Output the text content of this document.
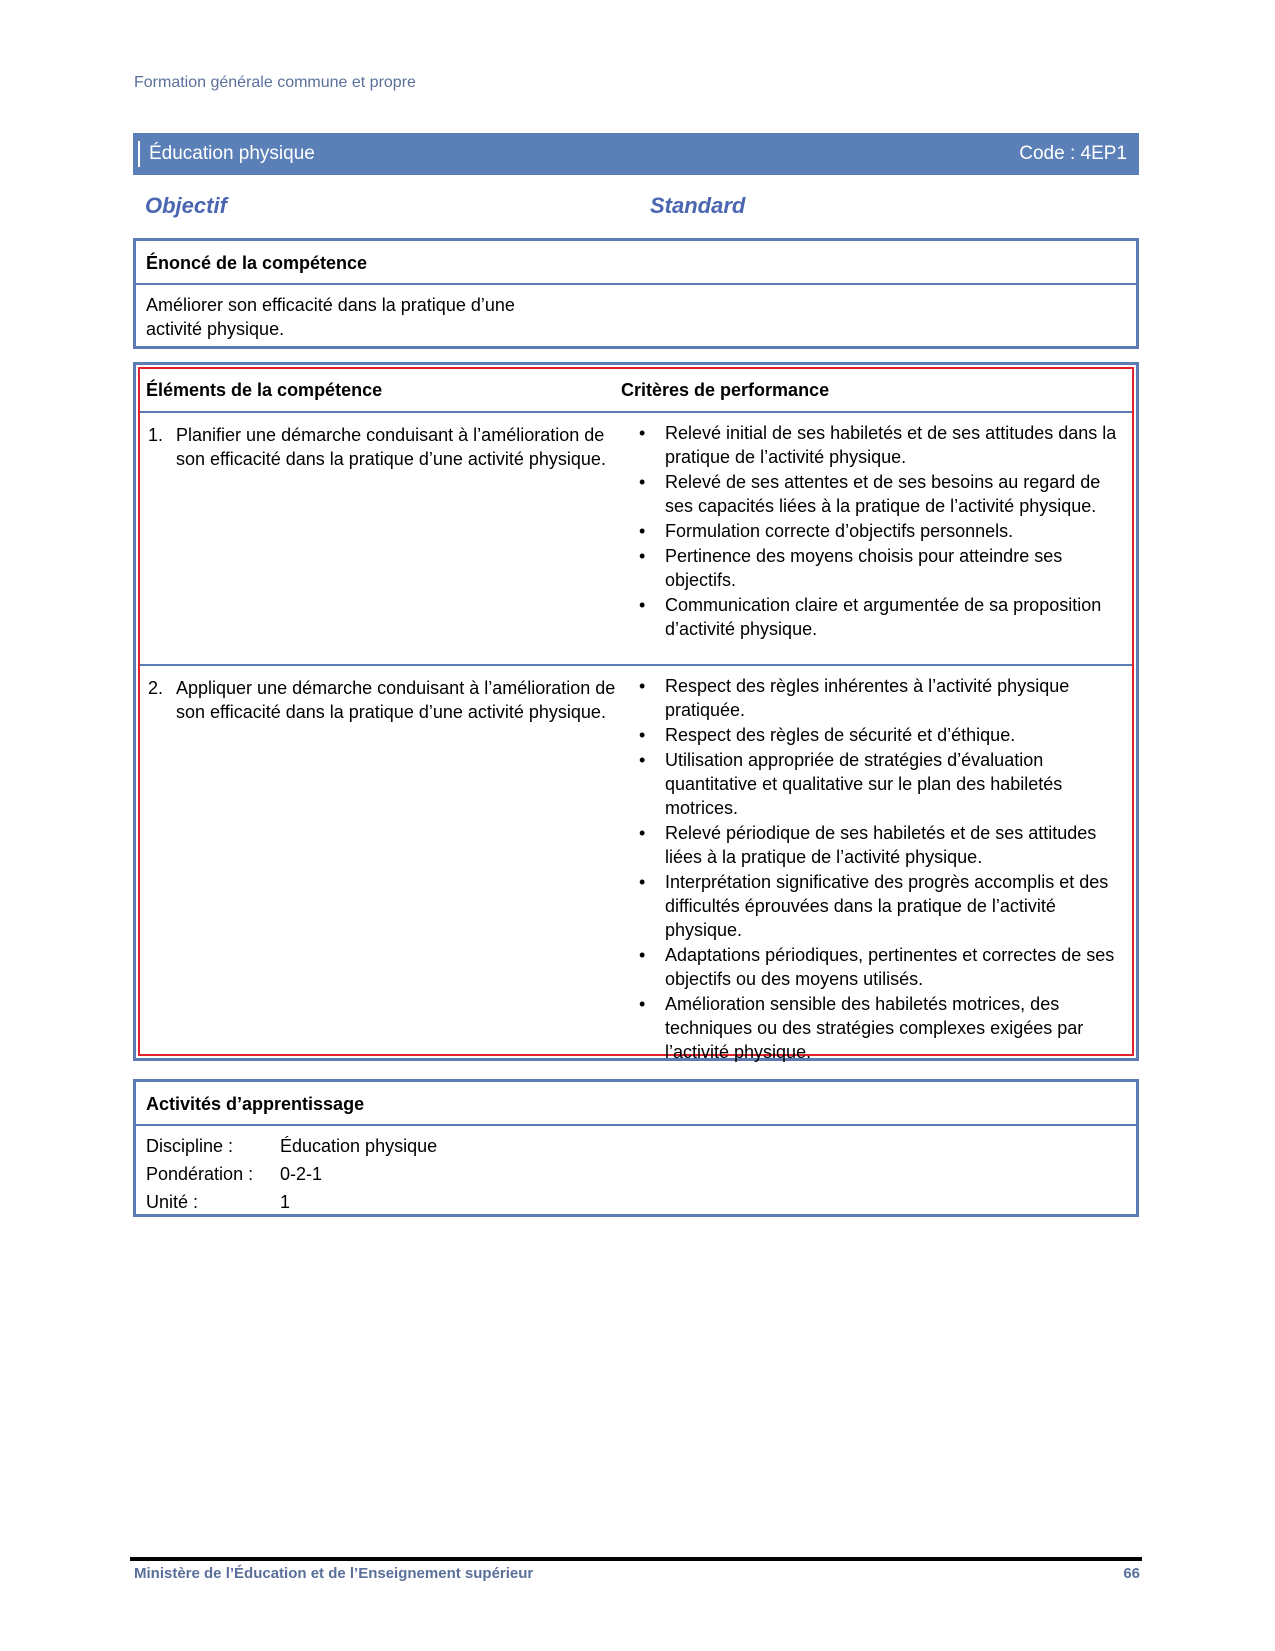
Formation générale commune et propre
Éducation physique	Code : 4EP1
Objectif	Standard
Énoncé de la compétence
Améliorer son efficacité dans la pratique d’une
activité physique.
Éléments de la compétence	Critères de performance
1. Planifier une démarche conduisant à l’amélioration de son efficacité dans la pratique d’une activité physique.
• Relevé initial de ses habiletés et de ses attitudes dans la pratique de l’activité physique.
• Relevé de ses attentes et de ses besoins au regard de ses capacités liées à la pratique de l’activité physique.
• Formulation correcte d’objectifs personnels.
• Pertinence des moyens choisis pour atteindre ses objectifs.
• Communication claire et argumentée de sa proposition d’activité physique.
2. Appliquer une démarche conduisant à l’amélioration de son efficacité dans la pratique d’une activité physique.
• Respect des règles inhérentes à l’activité physique pratiquée.
• Respect des règles de sécurité et d’éthique.
• Utilisation appropriée de stratégies d’évaluation quantitative et qualitative sur le plan des habiletés motrices.
• Relevé périodique de ses habiletés et de ses attitudes liées à la pratique de l’activité physique.
• Interprétation significative des progrès accomplis et des difficultés éprouvées dans la pratique de l’activité physique.
• Adaptations périodiques, pertinentes et correctes de ses objectifs ou des moyens utilisés.
• Amélioration sensible des habiletés motrices, des techniques ou des stratégies complexes exigées par l’activité physique.
Activités d’apprentissage
Discipline :	Éducation physique
Pondération :	0-2-1
Unité :	1
Ministère de l’Éducation et de l’Enseignement supérieur	66
